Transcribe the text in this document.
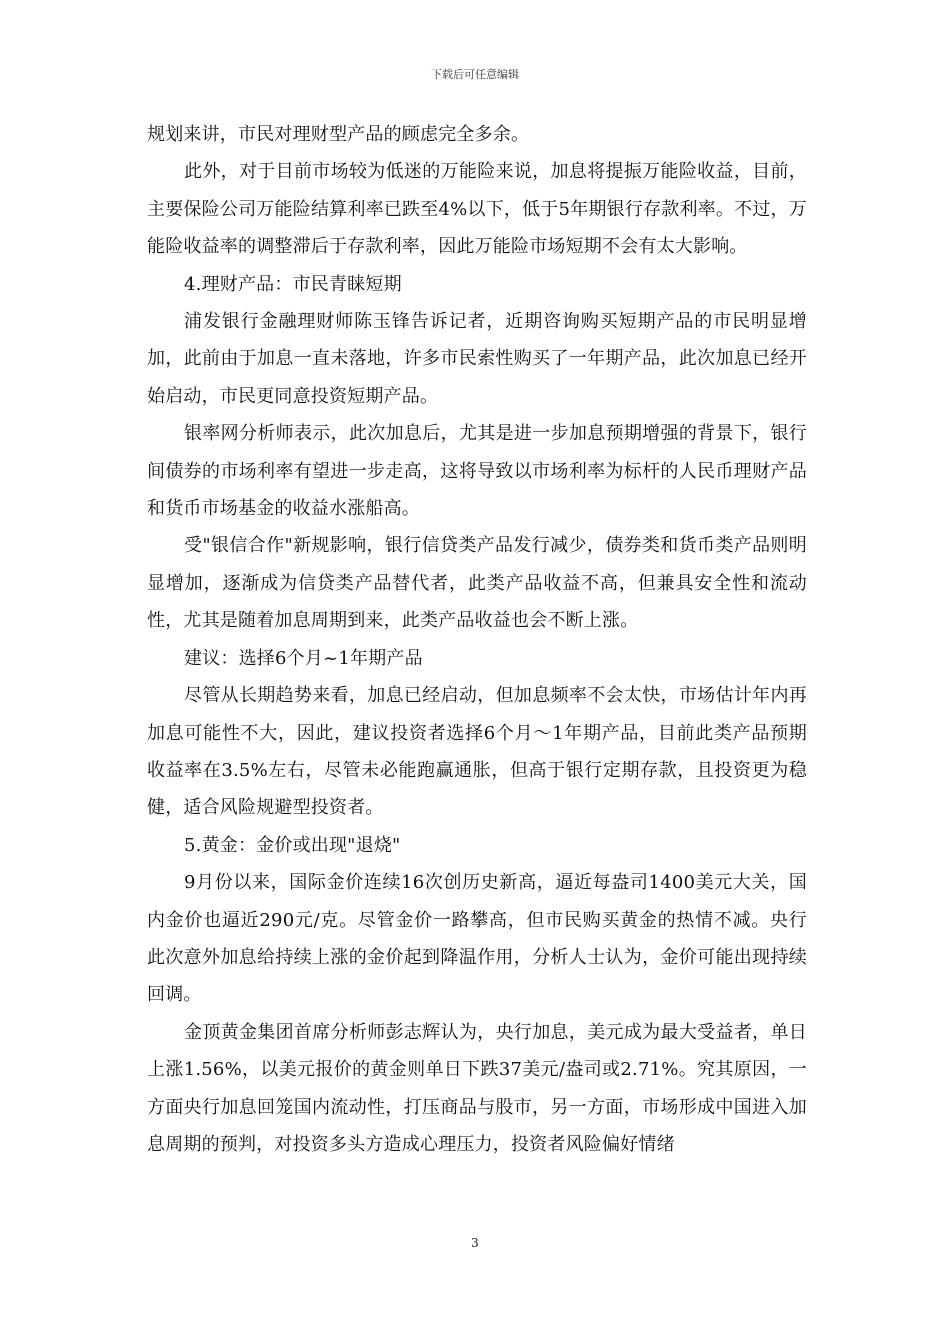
下载后可任意编辑

规划来讲，市民对理财型产品的顾虑完全多余。

此外，对于目前市场较为低迷的万能险来说，加息将提振万能险收益，目前，主要保险公司万能险结算利率已跌至4%以下，低于5年期银行存款利率。不过，万能险收益率的调整滞后于存款利率，因此万能险市场短期不会有太大影响。

4.理财产品：市民青睐短期

浦发银行金融理财师陈玉锋告诉记者，近期咨询购买短期产品的市民明显增加，此前由于加息一直未落地，许多市民索性购买了一年期产品，此次加息已经开始启动，市民更同意投资短期产品。

银率网分析师表示，此次加息后，尤其是进一步加息预期增强的背景下，银行间债券的市场利率有望进一步走高，这将导致以市场利率为标杆的人民币理财产品和货币市场基金的收益水涨船高。

受"银信合作"新规影响，银行信贷类产品发行减少，债券类和货币类产品则明显增加，逐渐成为信贷类产品替代者，此类产品收益不高，但兼具安全性和流动性，尤其是随着加息周期到来，此类产品收益也会不断上涨。

建议：选择6个月~1年期产品

尽管从长期趋势来看，加息已经启动，但加息频率不会太快，市场估计年内再加息可能性不大，因此，建议投资者选择6个月～1年期产品，目前此类产品预期收益率在3.5%左右，尽管未必能跑赢通胀，但高于银行定期存款，且投资更为稳健，适合风险规避型投资者。

5.黄金：金价或出现"退烧"

9月份以来，国际金价连续16次创历史新高，逼近每盎司1400美元大关，国内金价也逼近290元/克。尽管金价一路攀高，但市民购买黄金的热情不减。央行此次意外加息给持续上涨的金价起到降温作用，分析人士认为，金价可能出现持续回调。

金顶黄金集团首席分析师彭志辉认为，央行加息，美元成为最大受益者，单日上涨1.56%，以美元报价的黄金则单日下跌37美元/盎司或2.71%。究其原因，一方面央行加息回笼国内流动性，打压商品与股市，另一方面，市场形成中国进入加息周期的预判，对投资多头方造成心理压力，投资者风险偏好情绪

3
